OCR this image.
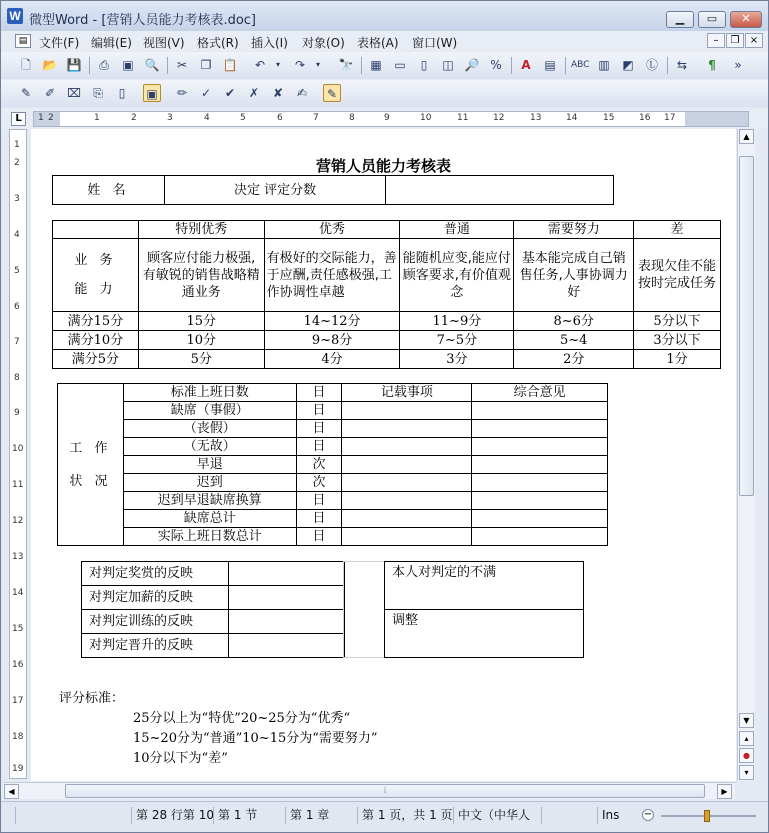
W 微型Word - [营销人员能力考核表.doc]	▁	▭	✕
▤ 文件(F) 编辑(E) 视图(V) 格式(R) 插入(I) 对象(O) 表格(A) 窗口(W)	–	❐	×
🗋 📂 💾	⎙	▣ 🔍	✂	❐ 📋	↶	▾	↷	▾	🔭 ▦ ▭	▯	◫ 🔎 %	A	▤	ABC ▥ ◩ Ⓛ	⇆	¶	»
✎	✐	⌧	⎘	▯	▣	✏	✓	✔	✗	✘	✍	✎
L	1 2	1	2	3	4	5	6	7	8	9	10	11	12	13	14	15	16 17
1
2
3
4
5
6
7
8
9
10
11
12
13
14
15
16
17
18
19
营销人员能力考核表
姓 名	决定 评定分数	
	特别优秀	优秀	普通	需要努力	差

业 务
能 力	顾客应付能力极强,有敏锐的销售战略精通业务	有极好的交际能力，善于应酬,责任感极强,工作协调性卓越	能随机应变,能应付顾客要求,有价值观念	基本能完成自己销售任务,人事协调力好	表现欠佳不能按时完成任务
满分15分	15分	14~12分	11~9分	8~6分	5分以下
满分10分	10分	9~8分	7~5分	5~4	3分以下
满分5分	5分	4分	3分	2分	1分
工 作
状 况	标准上班日数	日	记载事项	综合意见
	缺席（事假）	日		
	（丧假）	日		
	（无故）	日		
	早退	次		
	迟到	次		
	迟到早退缺席换算	日		
	缺席总计	日		
	实际上班日数总计	日		
对判定奖赏的反映	
对判定加薪的反映	
对判定训练的反映	
对判定晋升的反映	
本人对判定的不满
调整
评分标准：
25分以上为“特优”20~25分为“优秀“
15~20分为“普通”10~15分为“需要努力”
10分以下为“差”
▲
▼
▴
●
▾
◀	⦙	▶
第 28 行第 10 第 1 节	第 1 章	第 1 页，共 1 页 中文（中华人	Ins −
